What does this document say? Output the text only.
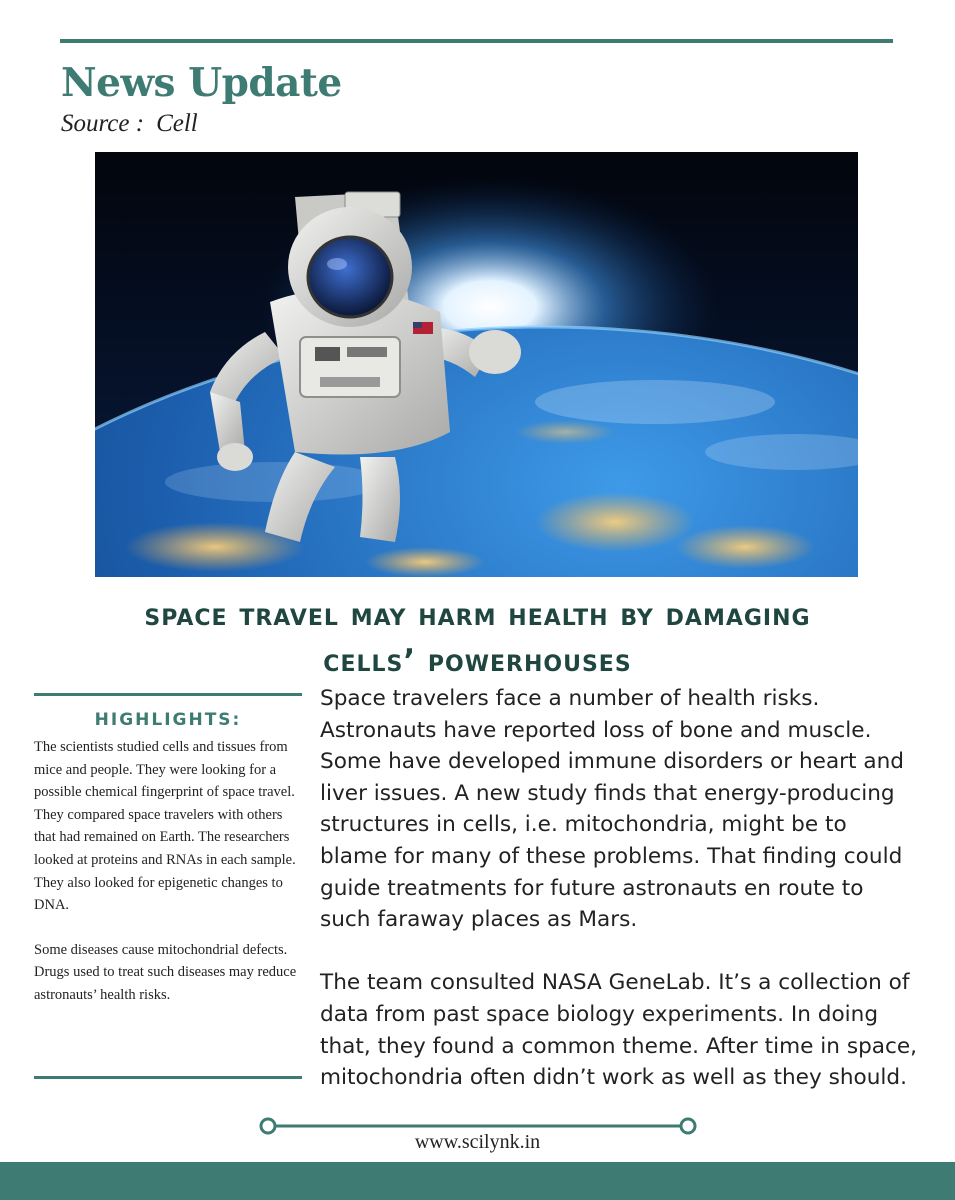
News Update
Source : Cell
space travel may harm health by damaging
cells’ powerhouses
HIGHLIGHTS:

The scientists studied cells and tissues from mice and people. They were looking for a possible chemical fingerprint of space travel. They compared space travelers with others that had remained on Earth. The researchers looked at proteins and RNAs in each sample. They also looked for epigenetic changes to DNA.

Some diseases cause mitochondrial defects. Drugs used to treat such diseases may reduce astronauts’ health risks.

Space travelers face a number of health risks. Astronauts have reported loss of bone and muscle. Some have developed immune disorders or heart and liver issues. A new study finds that energy-producing structures in cells, i.e. mitochondria, might be to blame for many of these problems. That finding could guide treatments for future astronauts en route to such faraway places as Mars.

The team consulted NASA GeneLab. It’s a collection of data from past space biology experiments. In doing that, they found a common theme. After time in space, mitochondria often didn’t work as well as they should.

www.scilynk.in
